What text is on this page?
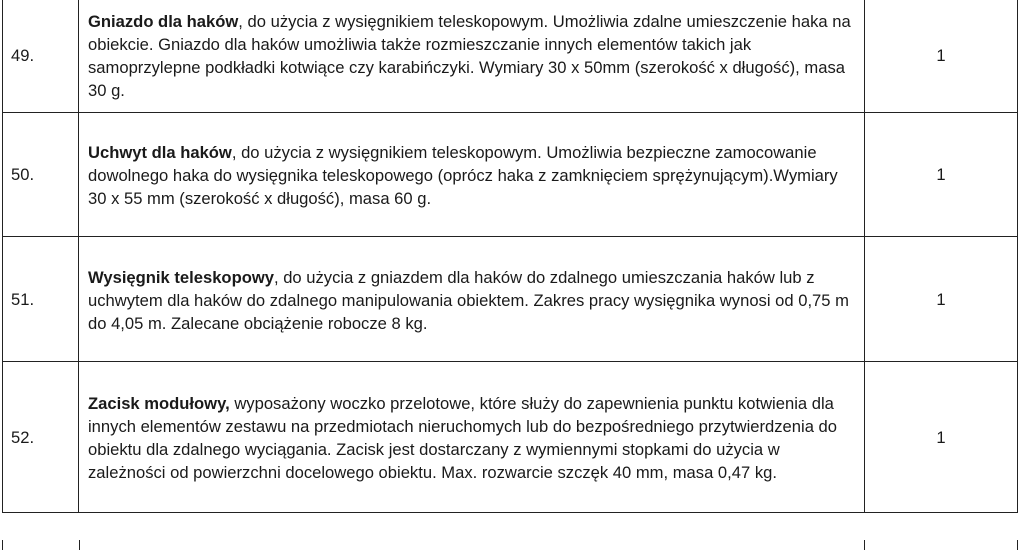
49.	Gniazdo dla haków, do użycia z wysięgnikiem teleskopowym. Umożliwia zdalne umieszczenie haka na obiekcie. Gniazdo dla haków umożliwia także rozmieszczanie innych elementów takich jak samoprzylepne podkładki kotwiące czy karabińczyki. Wymiary 30 x 50mm (szerokość x długość), masa 30 g.	1
50.	Uchwyt dla haków, do użycia z wysięgnikiem teleskopowym. Umożliwia bezpieczne zamocowanie dowolnego haka do wysięgnika teleskopowego (oprócz haka z zamknięciem sprężynującym).Wymiary 30 x 55 mm (szerokość x długość), masa 60 g.	1
51.	Wysięgnik teleskopowy, do użycia z gniazdem dla haków do zdalnego umieszczania haków lub z uchwytem dla haków do zdalnego manipulowania obiektem. Zakres pracy wysięgnika wynosi od 0,75 m do 4,05 m. Zalecane obciążenie robocze 8 kg.	1
52.	Zacisk modułowy, wyposażony woczko przelotowe, które służy do zapewnienia punktu kotwienia dla innych elementów zestawu na przedmiotach nieruchomych lub do bezpośredniego przytwierdzenia do obiektu dla zdalnego wyciągania. Zacisk jest dostarczany z wymiennymi stopkami do użycia w zależności od powierzchni docelowego obiektu. Max. rozwarcie szczęk 40 mm, masa 0,47 kg.	1
